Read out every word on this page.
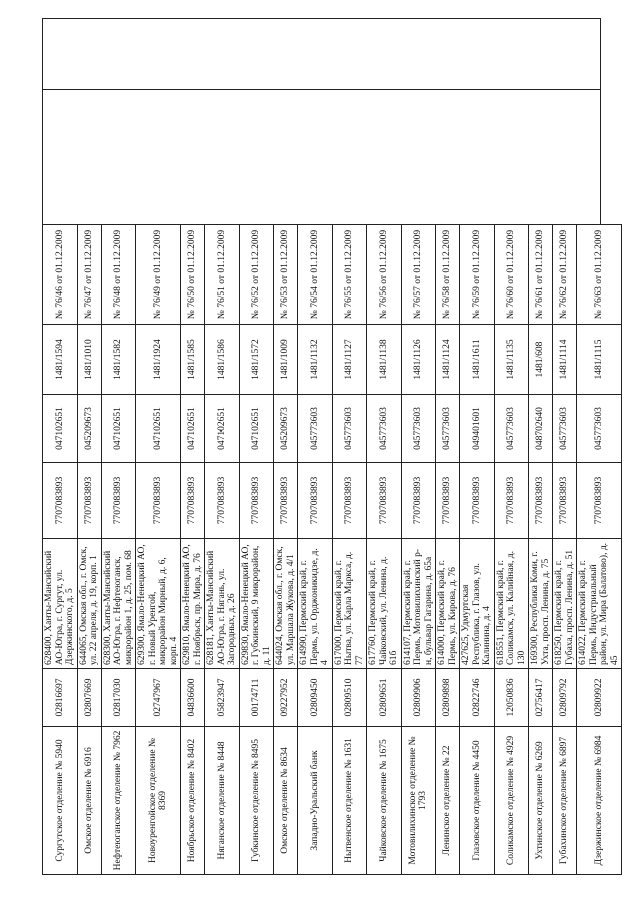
Сургутское отделение № 5940	02816697	628400, Ханты-Мансийский АО-Югра, г. Сургут, ул. Дзержинского, д. 5	7707083893	047102651	1481/1594	№ 76/46 от 01.12.2009
Омское отделение № 6916	02807669	644065, Омская обл., г. Омск, ул. 22 апреля, д. 19, корп. 1	7707083893	045209673	1481/1010	№ 76/47 от 01.12.2009
Нефтеюганское отделение № 7962	02817030	628300, Ханты-Мансийский АО-Югра, г. Нефтеюганск, микрорайон 1, д. 25, пом. 68	7707083893	047102651	1481/1582	№ 76/48 от 01.12.2009
Новоуренгойское отделение № 8369	02747967	629300, Ямало-Ненецкий АО, г. Новый Уренгой, микрорайон Мирный, д. 6, корп. 4	7707083893	047102651	1481/1924	№ 76/49 от 01.12.2009
Ноябрьское отделение № 8402	04836600	629810, Ямало-Ненецкий АО, г. Ноябрьск, пр. Мира, д. 76	7707083893	047102651	1481/1585	№ 76/50 от 01.12.2009
Няганское отделение № 8448	05823947	628181, Ханты-Мансийский АО-Югра, г. Нягань, ул. Загородных, д. 26	7707083893	047102651	1481/1586	№ 76/51 от 01.12.2009
Губкинское отделение № 8495	00174711	629830, Ямало-Ненецкий АО, г. Губкинский, 9 микрорайон, д. 11	7707083893	047102651	1481/1572	№ 76/52 от 01.12.2009
Омское отделение № 8634	09227952	644024, Омская обл., г. Омск, ул. Маршала Жукова, д. 4/1	7707083893	045209673	1481/1009	№ 76/53 от 01.12.2009
Западно-Уральский банк	02809450	614990, Пермский край, г. Пермь, ул. Орджоникидзе, д. 4	7707083893	045773603	1481/1132	№ 76/54 от 01.12.2009
Нытвенское отделение № 1631	02809510	617000, Пермский край, г. Нытва, ул. Карла Маркса, д. 77	7707083893	045773603	1481/1127	№ 76/55 от 01.12.2009
Чайковское отделение № 1675	02809651	617760, Пермский край, г. Чайковский, ул. Ленина, д. 61б	7707083893	045773603	1481/1138	№ 76/56 от 01.12.2009
Мотовилихинское отделение № 1793	02809906	614107, Пермский край, г. Пермь, Мотовилихинский р-н, бульвар Гагарина, д. 65а	7707083893	045773603	1481/1126	№ 76/57 от 01.12.2009
Ленинское отделение № 22	02809898	614000, Пермский край, г. Пермь, ул. Кирова, д. 76	7707083893	045773603	1481/1124	№ 76/58 от 01.12.2009
Глазовское отделение № 4450	02822746	427625, Удмуртская Республика, г. Глазов, ул. Калинина, д. 4	7707083893	049401601	1481/1611	№ 76/59 от 01.12.2009
Соликамское отделение № 4929	12050836	618551, Пермский край, г. Соликамск, ул. Калийная, д. 130	7707083893	045773603	1481/1135	№ 76/60 от 01.12.2009
Ухтинское отделение № 6269	02756417	169300, Республика Коми, г. Ухта, просп. Ленина, д. 75	7707083893	048702640	1481/608	№ 76/61 от 01.12.2009
Губахинское отделение № 6897	02809792	618250, Пермский край, г. Губаха, просп. Ленина, д. 51	7707083893	045773603	1481/1114	№ 76/62 от 01.12.2009
Дзержинское отделение № 6984	02809922	614022, Пермский край, г. Пермь, Индустриальный район, ул. Мира (Балатово), д. 45	7707083893	045773603	1481/1115	№ 76/63 от 01.12.2009
